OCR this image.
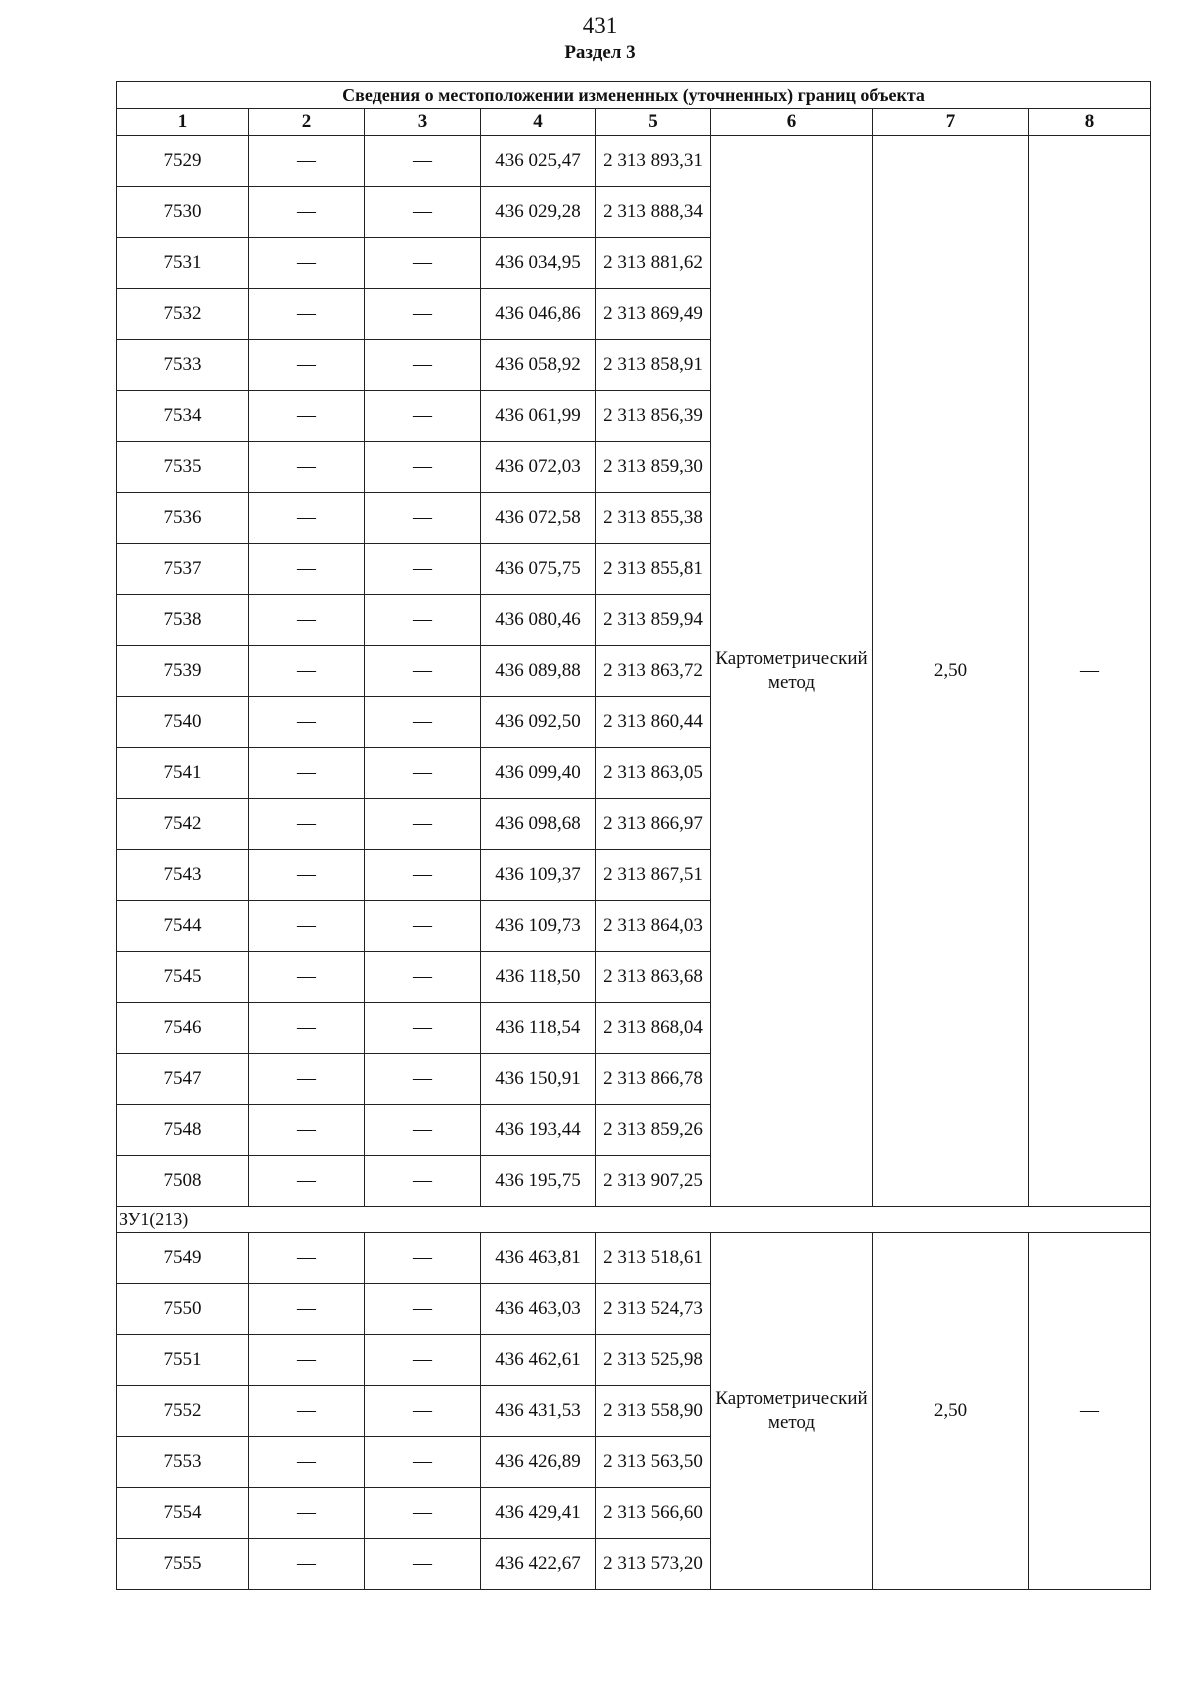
431
Раздел 3
Сведения о местоположении измененных (уточненных) границ объекта							
1	2	3	4	5	6	7	8
7529	—	—	436 025,47	2 313 893,31	Картометрический метод	2,50	—
7530	—	—	436 029,28	2 313 888,34			
7531	—	—	436 034,95	2 313 881,62			
7532	—	—	436 046,86	2 313 869,49			
7533	—	—	436 058,92	2 313 858,91			
7534	—	—	436 061,99	2 313 856,39			
7535	—	—	436 072,03	2 313 859,30			
7536	—	—	436 072,58	2 313 855,38			
7537	—	—	436 075,75	2 313 855,81			
7538	—	—	436 080,46	2 313 859,94			
7539	—	—	436 089,88	2 313 863,72			
7540	—	—	436 092,50	2 313 860,44			
7541	—	—	436 099,40	2 313 863,05			
7542	—	—	436 098,68	2 313 866,97			
7543	—	—	436 109,37	2 313 867,51			
7544	—	—	436 109,73	2 313 864,03			
7545	—	—	436 118,50	2 313 863,68			
7546	—	—	436 118,54	2 313 868,04			
7547	—	—	436 150,91	2 313 866,78			
7548	—	—	436 193,44	2 313 859,26			
7508	—	—	436 195,75	2 313 907,25			
ЗУ1(213)							
7549	—	—	436 463,81	2 313 518,61	Картометрический метод	2,50	—
7550	—	—	436 463,03	2 313 524,73			
7551	—	—	436 462,61	2 313 525,98			
7552	—	—	436 431,53	2 313 558,90			
7553	—	—	436 426,89	2 313 563,50			
7554	—	—	436 429,41	2 313 566,60			
7555	—	—	436 422,67	2 313 573,20			
